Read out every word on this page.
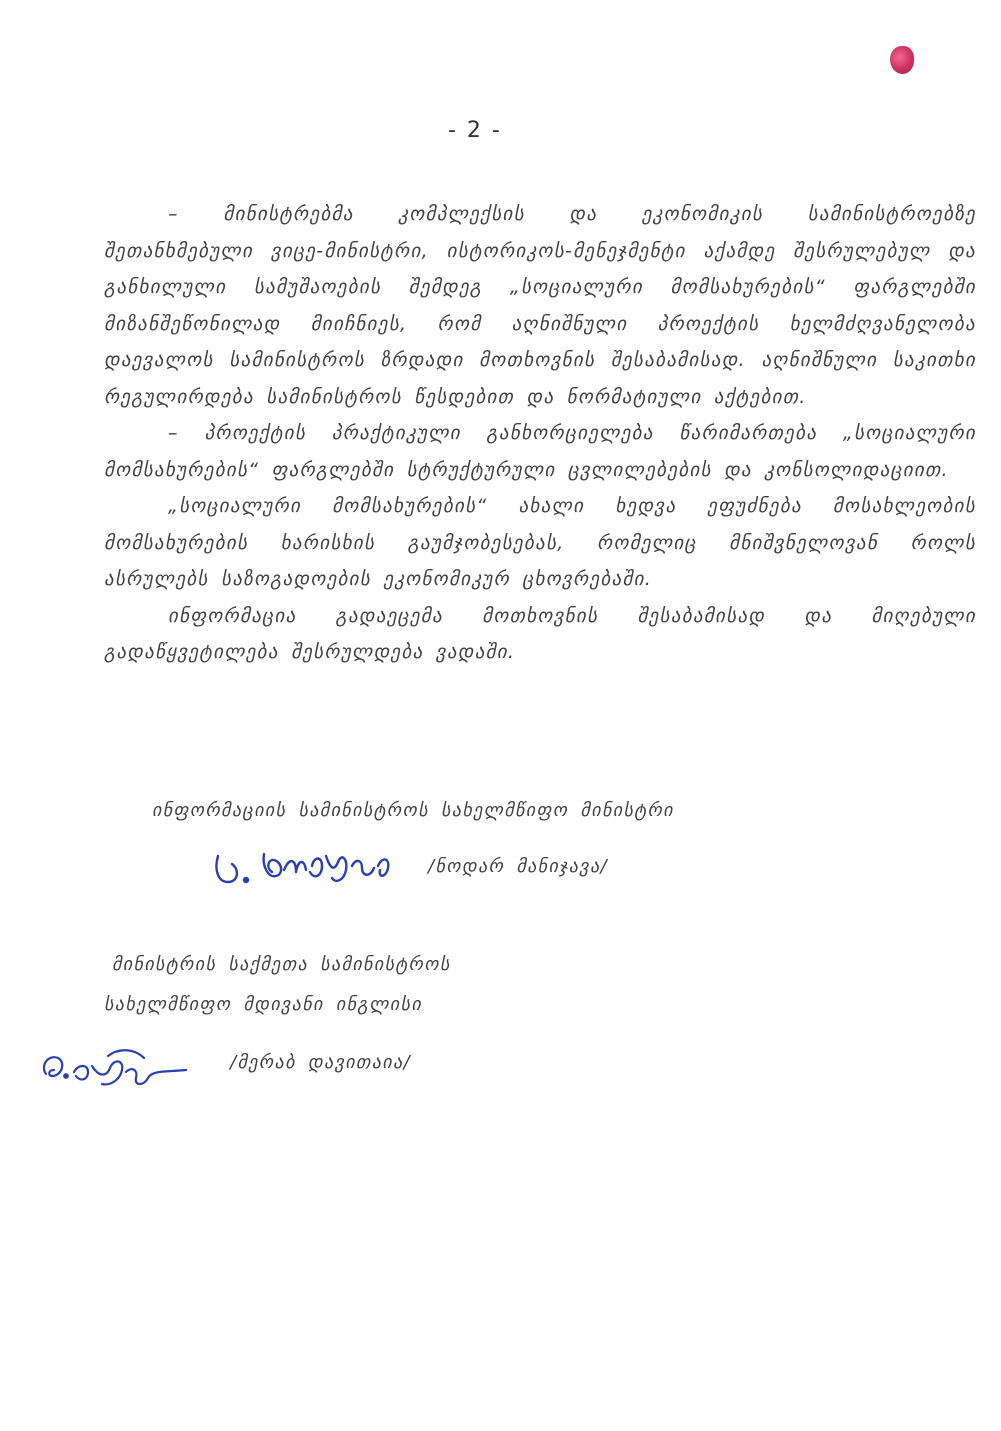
- 2 -

– მინისტრებმა კომპლექსის და ეკონომიკის სამინისტროებზე შეთანხმებული ვიცე-მინისტრი, ისტორიკოს-მენეჯმენტი აქამდე შესრულებულ და განხილული სამუშაოების შემდეგ „სოციალური მომსახურების“ ფარგლებში მიზანშეწონილად მიიჩნიეს, რომ აღნიშნული პროექტის ხელმძღვანელობა დაევალოს სამინისტროს ზრდადი მოთხოვნის შესაბამისად. აღნიშნული საკითხი რეგულირდება სამინისტროს წესდებით და ნორმატიული აქტებით.

– პროექტის პრაქტიკული განხორციელება წარიმართება „სოციალური მომსახურების“ ფარგლებში სტრუქტურული ცვლილებების და კონსოლიდაციით.

„სოციალური მომსახურების“ ახალი ხედვა ეფუძნება მოსახლეობის მომსახურების ხარისხის გაუმჯობესებას, რომელიც მნიშვნელოვან როლს ასრულებს საზოგადოების ეკონომიკურ ცხოვრებაში.

ინფორმაცია გადაეცემა მოთხოვნის შესაბამისად და მიღებული გადაწყვეტილება შესრულდება ვადაში.

ინფორმაციის სამინისტროს სახელმწიფო მინისტრი
/ნოდარ მანიჯავა/
მინისტრის საქმეთა სამინისტროს
სახელმწიფო მდივანი ინგლისი
/მერაბ დავითაია/
